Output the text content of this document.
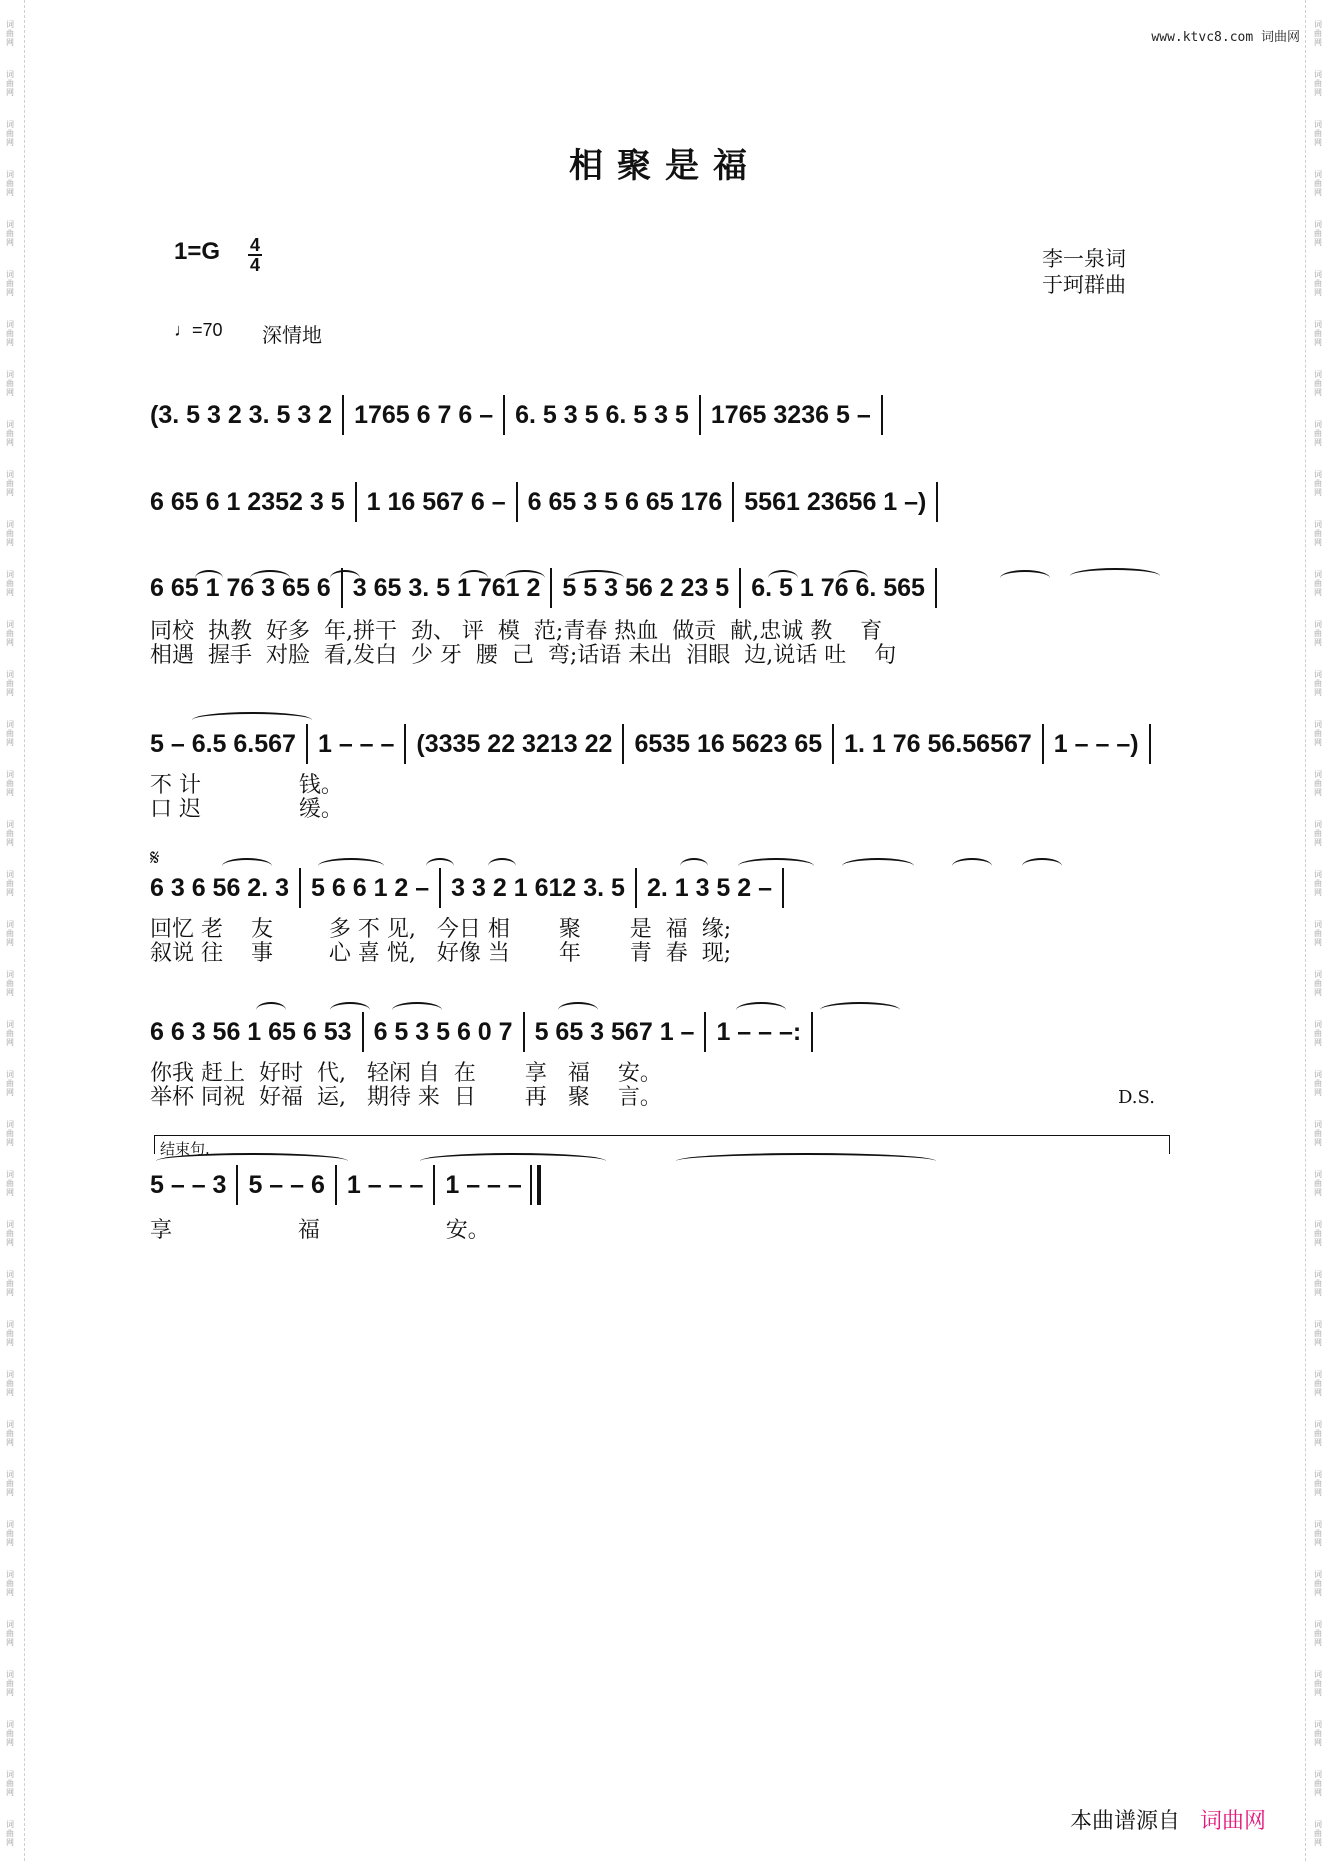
词曲网
词曲网
词曲网
词曲网
词曲网
词曲网
词曲网
词曲网
词曲网
词曲网
词曲网
词曲网
词曲网
词曲网
词曲网
词曲网
词曲网
词曲网
词曲网
词曲网
词曲网
词曲网
词曲网
词曲网
词曲网
词曲网
词曲网
词曲网
词曲网
词曲网
词曲网
词曲网
词曲网
词曲网
词曲网
词曲网
词曲网
词曲网
词曲网
词曲网
词曲网
词曲网
词曲网
词曲网
词曲网
词曲网
词曲网
词曲网
词曲网
词曲网
词曲网
词曲网
词曲网
词曲网
词曲网
词曲网
词曲网
词曲网
词曲网
词曲网
词曲网
词曲网
词曲网
词曲网
词曲网
词曲网
词曲网
词曲网
词曲网
词曲网
词曲网
词曲网
词曲网
词曲网
www.ktvc8.com 词曲网
相聚是福
1=G 4
4	李一泉词
于珂群曲
♩=70 深情地
(3. 5 3 2 3. 5 3 2 1765 6 7 6 – 6. 5 3 5 6. 5 3 5 1765 3236 5 –
6 65 6 1 2352 3 5 1 16 567 6 – 6 65 3 5 6 65 176 5561 23656 1 –)
6 65 1 76 3 65 6 3 65 3. 5 1 761 2 5 5 3 56 2 23 5 6. 5 1 76 6. 565
同校  执教  好多  年,拼干  劲、 评  模  范;青春 热血  做贡  献,忠诚 教    育
相遇  握手  对脸  看,发白  少 牙  腰  己  弯;话语 未出  泪眼  边,说话 吐    句
5 – 6.5 6.567 1 – – – (3335 22 3213 22 6535 16 5623 65 1. 1 76 56.56567 1 – – –)
不 计              钱。
口 迟              缓。
𝄋
6 3 6 56 2. 3 5 6 6 1 2 – 3 3 2 1 612 3. 5 2. 1 3 5 2 –
回忆 老    友        多 不 见,   今日 相       聚       是  福  缘;
叙说 往    事        心 喜 悦,   好像 当       年       青  春  现;
6 6 3 56 1 65 6 53 6 5 3 5 6 0 7 5 65 3 567 1 – 1 – – –:
你我 赶上  好时  代,   轻闲 自  在       享   福    安。
举杯 同祝  好福  运,   期待 来  日       再   聚    言。	D.S.
结束句.
5 – – 3 5 – – 6 1 – – – 1 – – –
享                  福                  安。
本曲谱源自 词曲网
